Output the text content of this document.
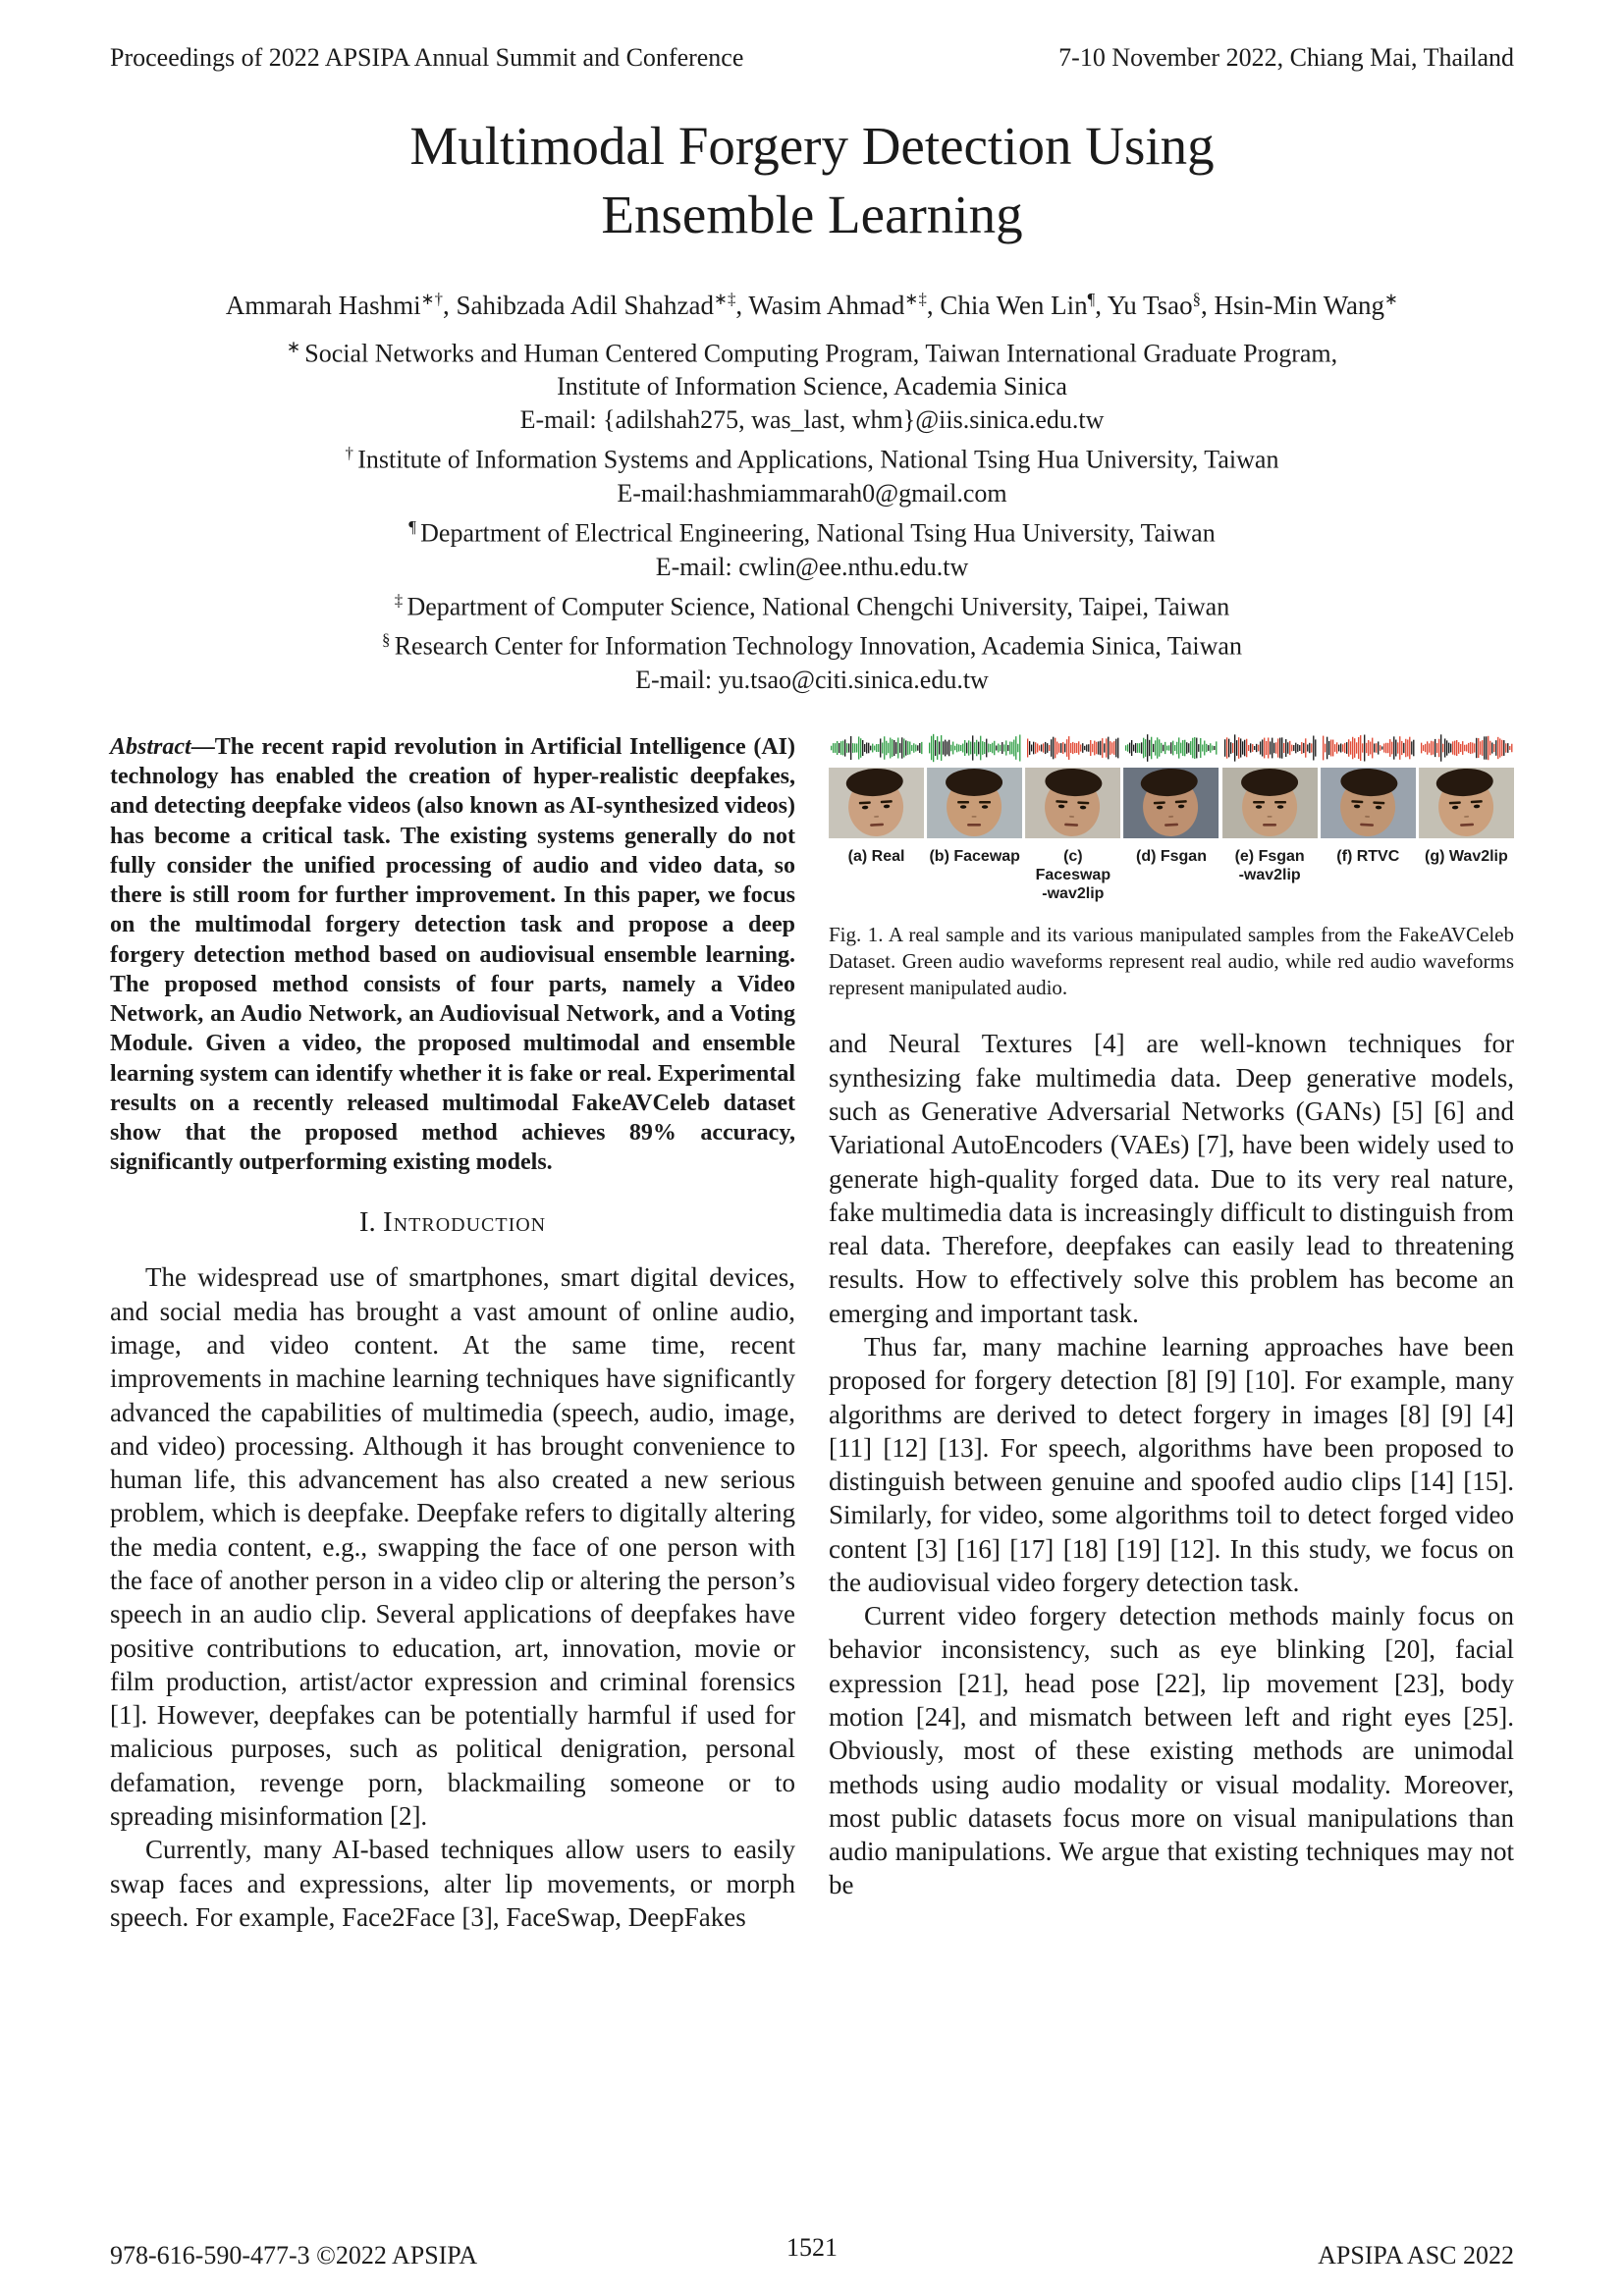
Proceedings of 2022 APSIPA Annual Summit and Conference	7-10 November 2022, Chiang Mai, Thailand
Multimodal Forgery Detection Using
Ensemble Learning
Ammarah Hashmi∗†, Sahibzada Adil Shahzad∗‡, Wasim Ahmad∗‡, Chia Wen Lin¶, Yu Tsao§, Hsin-Min Wang∗
∗ Social Networks and Human Centered Computing Program, Taiwan International Graduate Program,
Institute of Information Science, Academia Sinica
E-mail: {adilshah275, was_last, whm}@iis.sinica.edu.tw
† Institute of Information Systems and Applications, National Tsing Hua University, Taiwan
E-mail:hashmiammarah0@gmail.com
¶ Department of Electrical Engineering, National Tsing Hua University, Taiwan
E-mail: cwlin@ee.nthu.edu.tw
‡ Department of Computer Science, National Chengchi University, Taipei, Taiwan
§ Research Center for Information Technology Innovation, Academia Sinica, Taiwan
E-mail: yu.tsao@citi.sinica.edu.tw

Abstract—The recent rapid revolution in Artificial Intelligence (AI) technology has enabled the creation of hyper-realistic deepfakes, and detecting deepfake videos (also known as AI-synthesized videos) has become a critical task. The existing systems generally do not fully consider the unified processing of audio and video data, so there is still room for further improvement. In this paper, we focus on the multimodal forgery detection task and propose a deep forgery detection method based on audiovisual ensemble learning. The proposed method consists of four parts, namely a Video Network, an Audio Network, an Audiovisual Network, and a Voting Module. Given a video, the proposed multimodal and ensemble learning system can identify whether it is fake or real. Experimental results on a recently released multimodal FakeAVCeleb dataset show that the proposed method achieves 89% accuracy, significantly outperforming existing models.

I. Introduction

The widespread use of smartphones, smart digital devices, and social media has brought a vast amount of online audio, image, and video content. At the same time, recent improvements in machine learning techniques have significantly advanced the capabilities of multimedia (speech, audio, image, and video) processing. Although it has brought convenience to human life, this advancement has also created a new serious problem, which is deepfake. Deepfake refers to digitally altering the media content, e.g., swapping the face of one person with the face of another person in a video clip or altering the person’s speech in an audio clip. Several applications of deepfakes have positive contributions to education, art, innovation, movie or film production, artist/actor expression and criminal forensics [1]. However, deepfakes can be potentially harmful if used for malicious purposes, such as political denigration, personal defamation, revenge porn, blackmailing someone or to spreading misinformation [2].

Currently, many AI-based techniques allow users to easily swap faces and expressions, alter lip movements, or morph speech. For example, Face2Face [3], FaceSwap, DeepFakes

(a) Real	(b) Facewap	(c) Faceswap
-wav2lip
(d) Fsgan	(e) Fsgan
-wav2lip
(f) RTVC	(g) Wav2lip
Fig. 1. A real sample and its various manipulated samples from the FakeAVCeleb Dataset. Green audio waveforms represent real audio, while red audio waveforms represent manipulated audio.

and Neural Textures [4] are well-known techniques for synthesizing fake multimedia data. Deep generative models, such as Generative Adversarial Networks (GANs) [5] [6] and Variational AutoEncoders (VAEs) [7], have been widely used to generate high-quality forged data. Due to its very real nature, fake multimedia data is increasingly difficult to distinguish from real data. Therefore, deepfakes can easily lead to threatening results. How to effectively solve this problem has become an emerging and important task.

Thus far, many machine learning approaches have been proposed for forgery detection [8] [9] [10]. For example, many algorithms are derived to detect forgery in images [8] [9] [4] [11] [12] [13]. For speech, algorithms have been proposed to distinguish between genuine and spoofed audio clips [14] [15]. Similarly, for video, some algorithms toil to detect forged video content [3] [16] [17] [18] [19] [12]. In this study, we focus on the audiovisual video forgery detection task.

Current video forgery detection methods mainly focus on behavior inconsistency, such as eye blinking [20], facial expression [21], head pose [22], lip movement [23], body motion [24], and mismatch between left and right eyes [25]. Obviously, most of these existing methods are unimodal methods using audio modality or visual modality. Moreover, most public datasets focus more on visual manipulations than audio manipulations. We argue that existing techniques may not be

978-616-590-477-3 ©2022 APSIPA	1521	APSIPA ASC 2022
